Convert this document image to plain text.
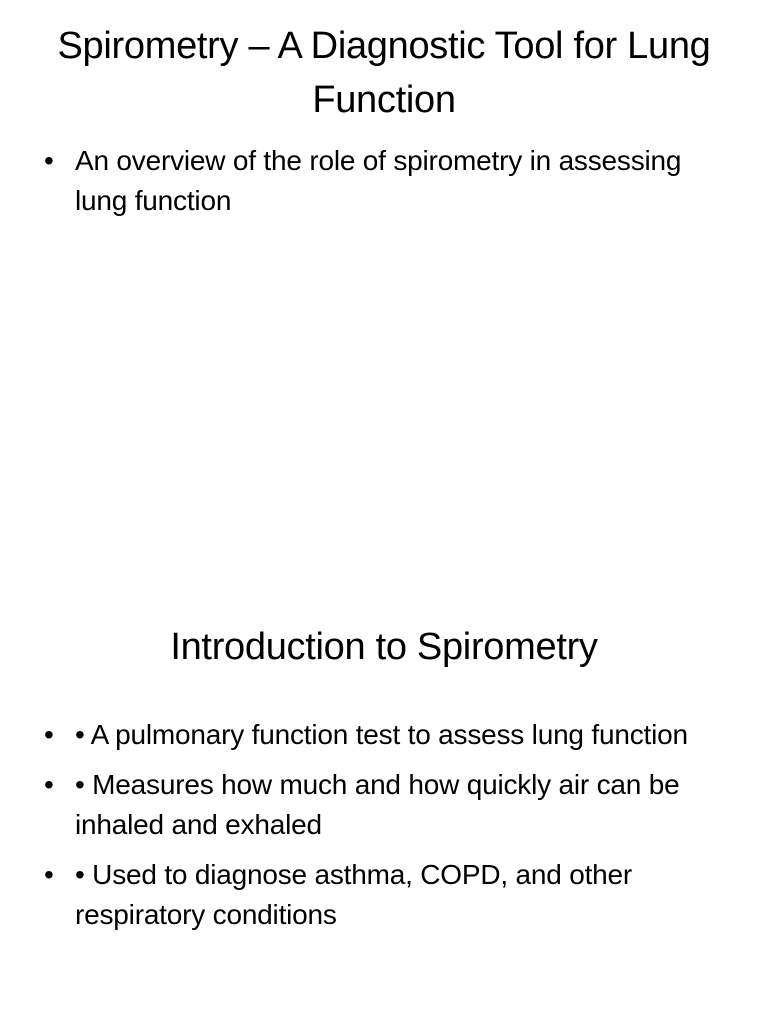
Spirometry – A Diagnostic Tool for Lung Function
• An overview of the role of spirometry in assessing lung function
Introduction to Spirometry
• • A pulmonary function test to assess lung function
• • Measures how much and how quickly air can be inhaled and exhaled
• • Used to diagnose asthma, COPD, and other respiratory conditions
